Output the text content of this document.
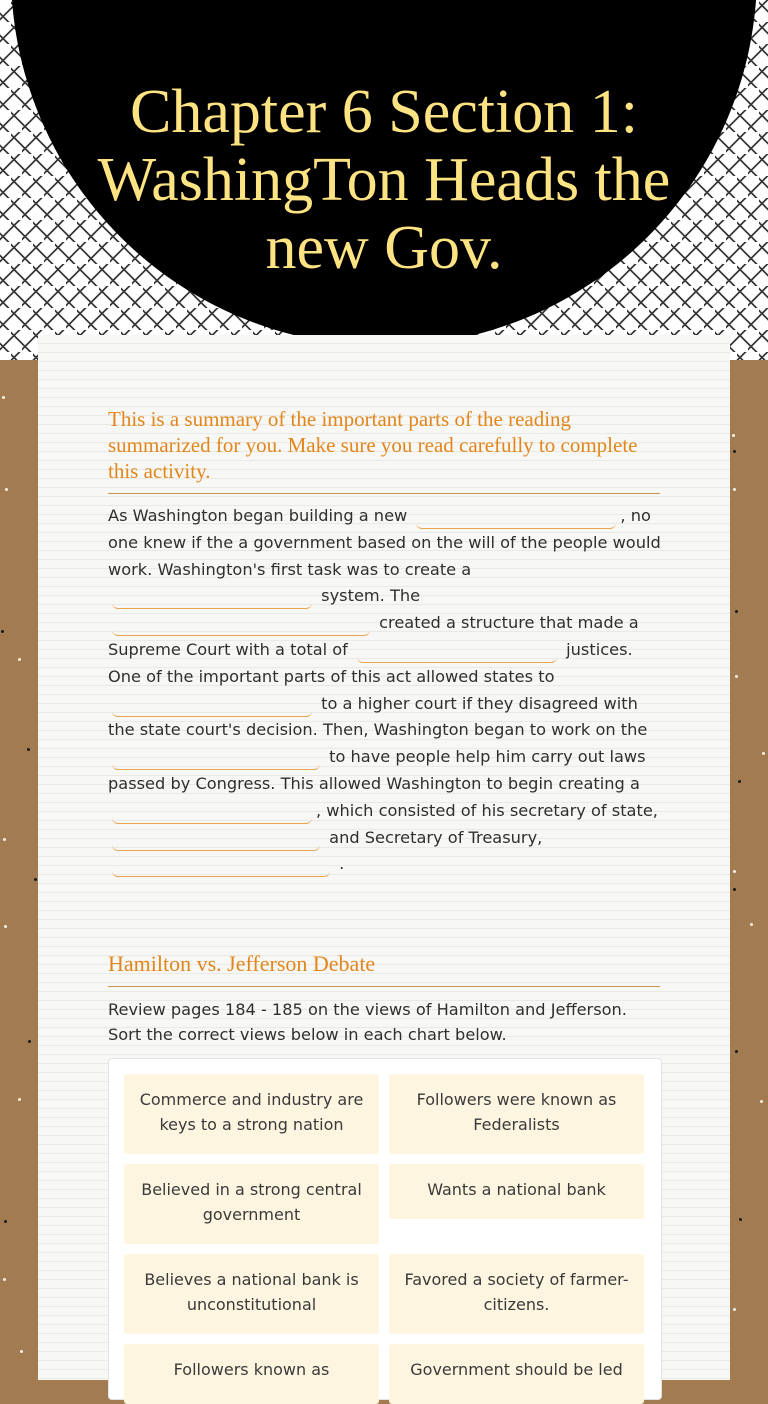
Chapter 6 Section 1: WashingTon Heads the new Gov.
This is a summary of the important parts of the reading summarized for you. Make sure you read carefully to complete this activity.
As Washington began building a new	, no one knew if the a government based on the will of the people would work. Washington's first task was to create a  system. The  created a structure that made a Supreme Court with a total of	justices. One of the important parts of this act allowed states to  to a higher court if they disagreed with the state court's decision. Then, Washington began to work on the  to have people help him carry out laws passed by Congress. This allowed Washington to begin creating a , which consisted of his secretary of state,  and Secretary of Treasury,  .
Hamilton vs. Jefferson Debate
Review pages 184 - 185 on the views of Hamilton and Jefferson. Sort the correct views below in each chart below.
Commerce and industry are keys to a strong nation
Followers were known as Federalists
Believed in a strong central government
Wants a national bank
Believes a national bank is unconstitutional
Favored a society of farmer-citizens.
Followers known as	Government should be led
